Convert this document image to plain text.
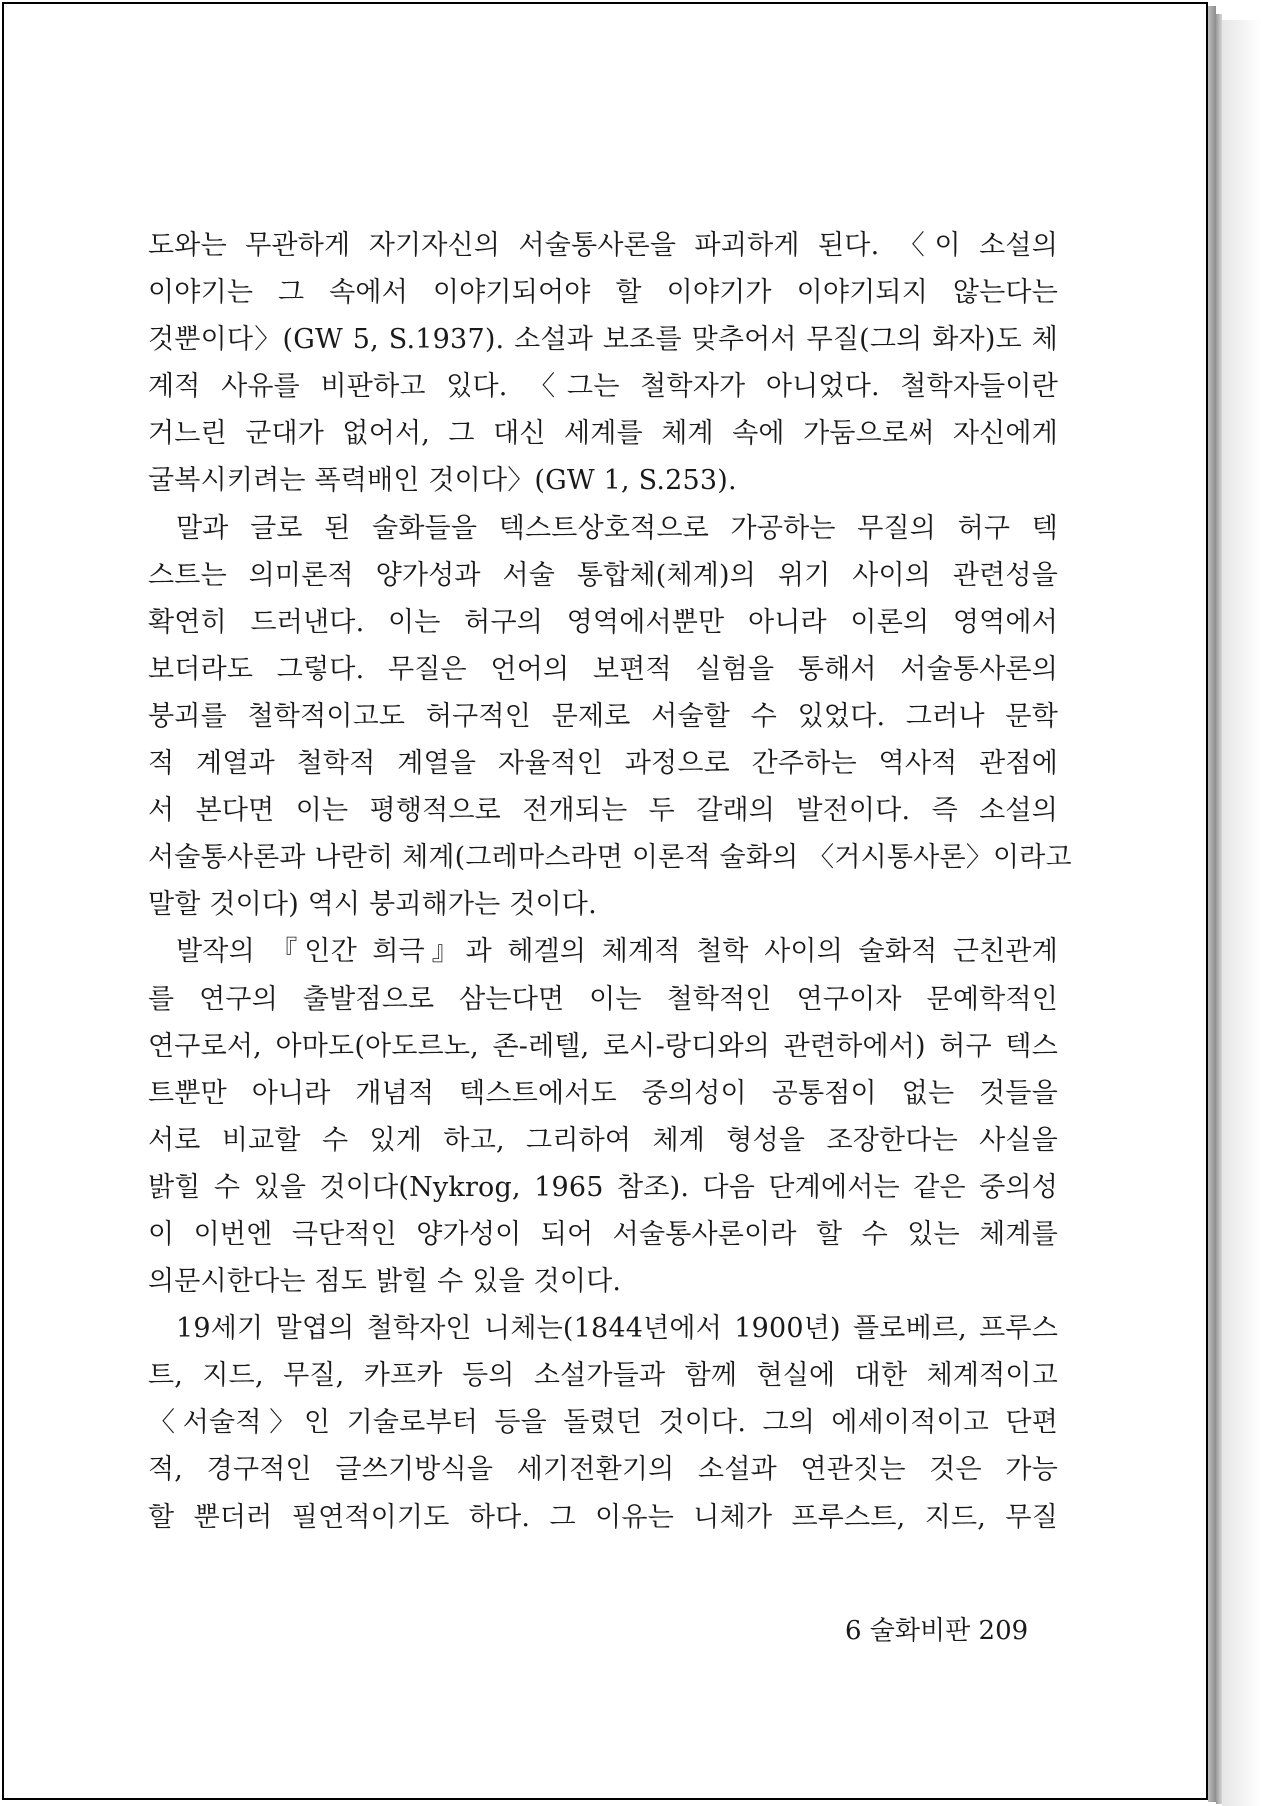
도와는 무관하게 자기자신의 서술통사론을 파괴하게 된다. 〈이 소설의
이야기는 그 속에서 이야기되어야 할 이야기가 이야기되지 않는다는
것뿐이다〉(GW 5, S.1937). 소설과 보조를 맞추어서 무질(그의 화자)도 체
계적 사유를 비판하고 있다. 〈그는 철학자가 아니었다. 철학자들이란
거느린 군대가 없어서, 그 대신 세계를 체계 속에 가둠으로써 자신에게
굴복시키려는 폭력배인 것이다〉(GW 1, S.253).
말과 글로 된 술화들을 텍스트상호적으로 가공하는 무질의 허구 텍
스트는 의미론적 양가성과 서술 통합체(체계)의 위기 사이의 관련성을
확연히 드러낸다. 이는 허구의 영역에서뿐만 아니라 이론의 영역에서
보더라도 그렇다. 무질은 언어의 보편적 실험을 통해서 서술통사론의
붕괴를 철학적이고도 허구적인 문제로 서술할 수 있었다. 그러나 문학
적 계열과 철학적 계열을 자율적인 과정으로 간주하는 역사적 관점에
서 본다면 이는 평행적으로 전개되는 두 갈래의 발전이다. 즉 소설의
서술통사론과 나란히 체계(그레마스라면 이론적 술화의 〈거시통사론〉이라고
말할 것이다) 역시 붕괴해가는 것이다.
발작의 『인간 희극』과 헤겔의 체계적 철학 사이의 술화적 근친관계
를 연구의 출발점으로 삼는다면 이는 철학적인 연구이자 문예학적인
연구로서, 아마도(아도르노, 존-레텔, 로시-랑디와의 관련하에서) 허구 텍스
트뿐만 아니라 개념적 텍스트에서도 중의성이 공통점이 없는 것들을
서로 비교할 수 있게 하고, 그리하여 체계 형성을 조장한다는 사실을
밝힐 수 있을 것이다(Nykrog, 1965 참조). 다음 단계에서는 같은 중의성
이 이번엔 극단적인 양가성이 되어 서술통사론이라 할 수 있는 체계를
의문시한다는 점도 밝힐 수 있을 것이다.
19세기 말엽의 철학자인 니체는(1844년에서 1900년) 플로베르, 프루스
트, 지드, 무질, 카프카 등의 소설가들과 함께 현실에 대한 체계적이고
〈서술적〉인 기술로부터 등을 돌렸던 것이다. 그의 에세이적이고 단편
적, 경구적인 글쓰기방식을 세기전환기의 소설과 연관짓는 것은 가능
할 뿐더러 필연적이기도 하다. 그 이유는 니체가 프루스트, 지드, 무질
6 술화비판 209
